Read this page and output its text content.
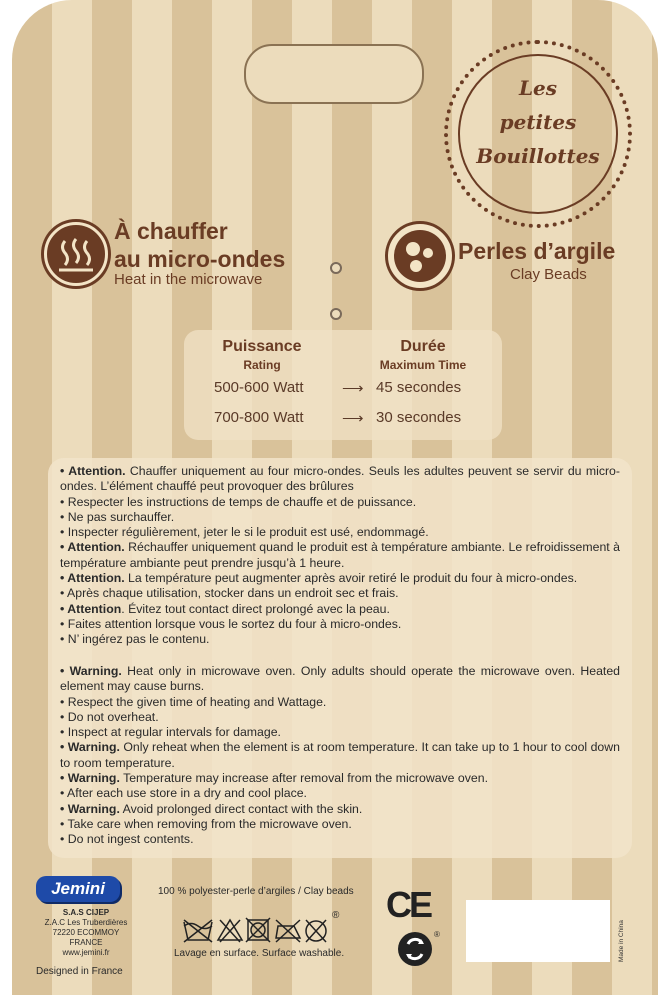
Les
petites
Bouillottes
À chauffer
au micro-ondes
Heat in the microwave
Perles d’argile
Clay Beads
Puissance
Rating
Durée
Maximum Time
500-600 Watt	⟶ 45 secondes
700-800 Watt	⟶ 30 secondes

• Attention. Chauffer uniquement au four micro-ondes. Seuls les adultes peuvent se servir du micro-ondes. L’élément chauffé peut provoquer des brûlures

• Respecter les instructions de temps de chauffe et de puissance.

• Ne pas surchauffer.

• Inspecter régulièrement, jeter le si le produit est usé, endommagé.

• Attention. Réchauffer uniquement quand le produit est à température ambiante. Le refroidissement à température ambiante peut prendre jusqu’à 1 heure.

• Attention. La température peut augmenter après avoir retiré le produit du four à micro-ondes.

• Après chaque utilisation, stocker dans un endroit sec et frais.

• Attention. Évitez tout contact direct prolongé avec la peau.

• Faites attention lorsque vous le sortez du four à micro-ondes.

• N’ ingérez pas le contenu.

• Warning. Heat only in microwave oven. Only adults should operate the microwave oven. Heated element may cause burns.

• Respect the given time of heating and Wattage.

• Do not overheat.

• Inspect at regular intervals for damage.

• Warning. Only reheat when the element is at room temperature. It can take up to 1 hour to cool down to room temperature.

• Warning. Temperature may increase after removal from the microwave oven.

• After each use store in a dry and cool place.

• Warning. Avoid prolonged direct contact with the skin.

• Take care when removing from the microwave oven.

• Do not ingest contents.

Jemini
S.A.S CIJEP
Z.A.C Les Truberdières
72220 ECOMMOY
FRANCE
www.jemini.fr
Designed in France
100 % polyester-perle d’argiles / Clay beads
®
Lavage en surface. Surface washable.
CE
®	Made in China
